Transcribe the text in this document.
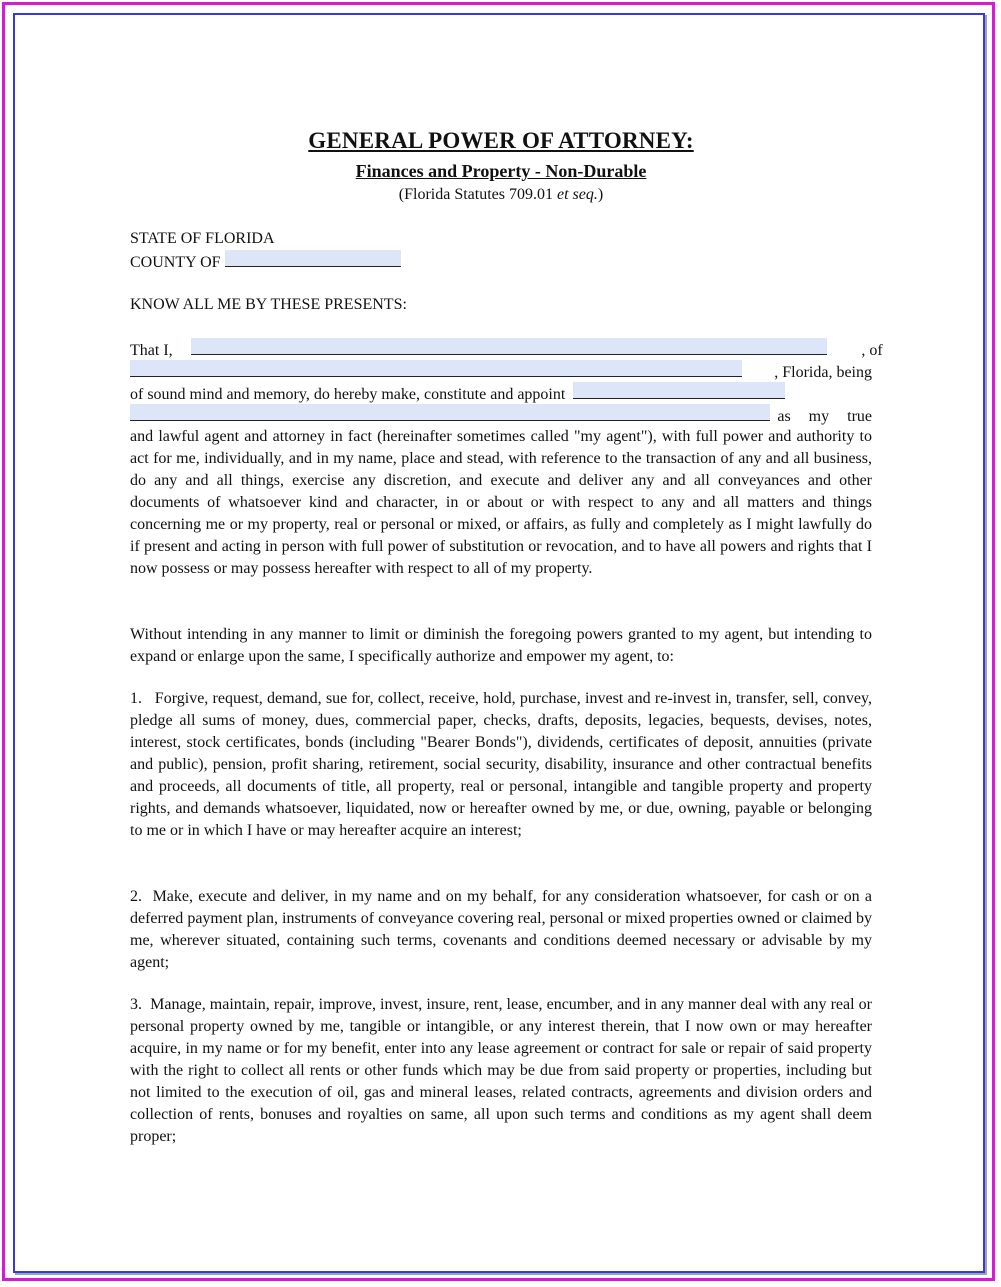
GENERAL POWER OF ATTORNEY:
Finances and Property - Non-Durable
(Florida Statutes 709.01 et seq.)
STATE OF FLORIDA
COUNTY OF
KNOW ALL ME BY THESE PRESENTS:
That I,	, of
, Florida, being
of sound mind and memory, do hereby make, constitute and appoint
as my true

and lawful agent and attorney in fact (hereinafter sometimes called "my agent"), with full power and authority to act for me, individually, and in my name, place and stead, with reference to the transaction of any and all business, do any and all things, exercise any discretion, and execute and deliver any and all conveyances and other documents of whatsoever kind and character, in or about or with respect to any and all matters and things concerning me or my property, real or personal or mixed, or affairs, as fully and completely as I might lawfully do if present and acting in person with full power of substitution or revocation, and to have all powers and rights that I now possess or may possess hereafter with respect to all of my property.

Without intending in any manner to limit or diminish the foregoing powers granted to my agent, but intending to expand or enlarge upon the same, I specifically authorize and empower my agent, to:

1.   Forgive, request, demand, sue for, collect, receive, hold, purchase, invest and re-invest in, transfer, sell, convey, pledge all sums of money, dues, commercial paper, checks, drafts, deposits, legacies, bequests, devises, notes, interest, stock certificates, bonds (including "Bearer Bonds"), dividends, certificates of deposit, annuities (private and public), pension, profit sharing, retirement, social security, disability, insurance and other contractual benefits and proceeds, all documents of title, all property, real or personal, intangible and tangible property and property rights, and demands whatsoever, liquidated, now or hereafter owned by me, or due, owning, payable or belonging to me or in which I have or may hereafter acquire an interest;

2.  Make, execute and deliver, in my name and on my behalf, for any consideration whatsoever, for cash or on a deferred payment plan, instruments of conveyance covering real, personal or mixed properties owned or claimed by me, wherever situated, containing such terms, covenants and conditions deemed necessary or advisable by my agent;

3.  Manage, maintain, repair, improve, invest, insure, rent, lease, encumber, and in any manner deal with any real or personal property owned by me, tangible or intangible, or any interest therein, that I now own or may hereafter acquire, in my name or for my benefit, enter into any lease agreement or contract for sale or repair of said property with the right to collect all rents or other funds which may be due from said property or properties, including but not limited to the execution of oil, gas and mineral leases, related contracts, agreements and division orders and collection of rents, bonuses and royalties on same, all upon such terms and conditions as my agent shall deem proper;
